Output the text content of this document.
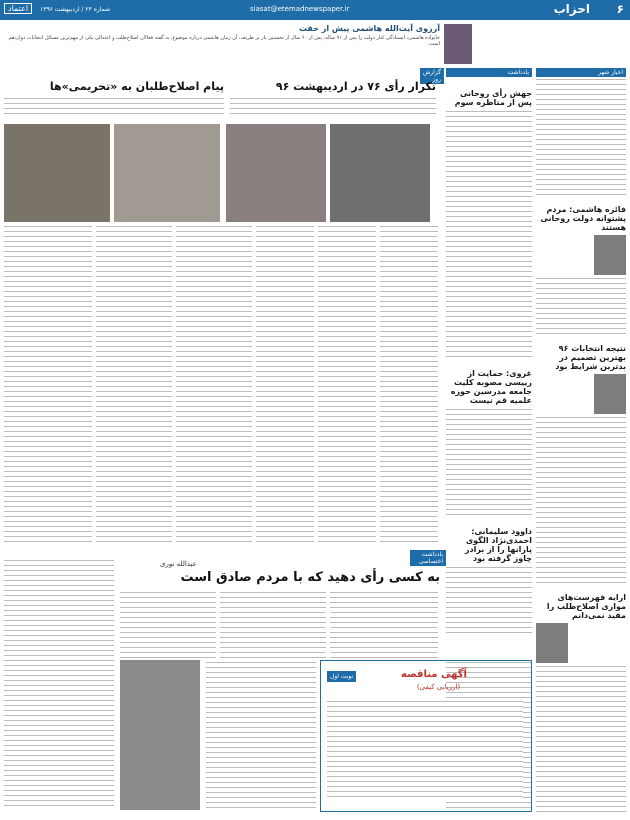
۶
احزاب
siasat@etemadnewspaper.ir
شماره ۲۳ / اردیبهشت ۱۳۹۶
اعتماد
آرزوی آیت‌الله هاشمی پیش از حفت
خانواده هاشمی، ایستادگی کنار دولت را پس از ۷۱ ساله، پس از ۶۰ سال از نخستین بار بر ظریف، آن زمان هاشمی درباره موضوع، به گفته فعالان اصلاح‌طلب و اعتدالی یکی از مهم‌ترین مسائل انتخابات دوازدهم است.
اخبار شهر
فائزه هاشمی: مردم پشتوانه دولت روحانی هستند
نتیجه انتخابات ۹۶ بهترین تصمیم در بدترین شرایط بود
ارایه فهرست‌های موازی اصلاح‌طلب را مفید نمی‌دانم
یادداشت
جهش رأی روحانی پس از مناظره سوم
غروی: حمایت از رییسی مصوبه کلیت جامعه مدرسین حوزه علمیه قم نیست
داوود سلیمانی: احمدی‌نژاد الگوی پارانها را از برادر چاوز گرفته بود
گزارش روز
تکرار رأی ۷۶ در اردیبهشت ۹۶
پیام اصلاح‌طلبان به «تحریمی»ها
یادداشت اختصاصی
عبدالله نوری
به کسی رأی دهید که با مردم صادق است
آگهی مناقصه
(ارزیابی کیفی)
نوبت اول
